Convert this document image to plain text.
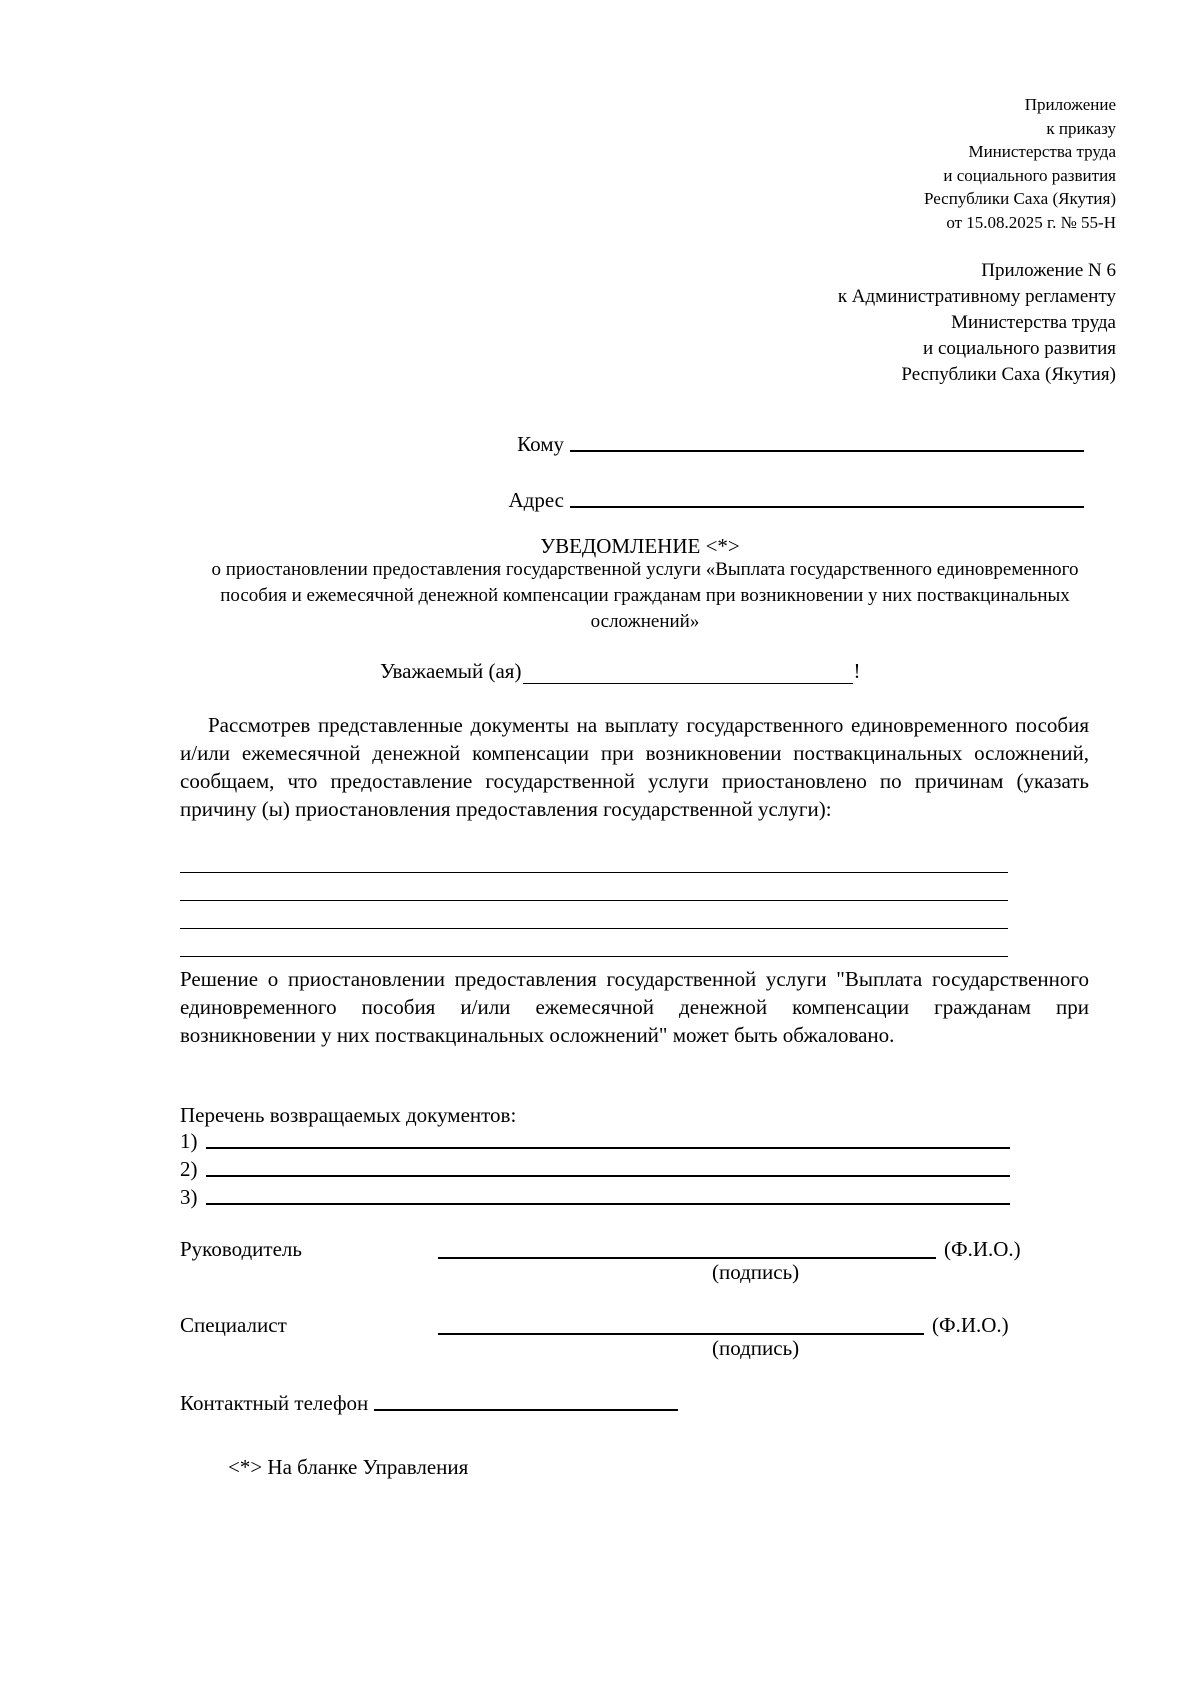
Приложение
к приказу
Министерства труда
и социального развития
Республики Саха (Якутия)
от 15.08.2025 г. № 55-Н
Приложение N 6
к Административному регламенту
Министерства труда
и социального развития
Республики Саха (Якутия)
Кому
Адрес
УВЕДОМЛЕНИЕ <*>
о приостановлении предоставления государственной услуги «Выплата государственного единовременного пособия и ежемесячной денежной компенсации гражданам при возникновении у них поствакцинальных осложнений»
Уважаемый (ая)	!
Рассмотрев представленные документы на выплату государственного единовременного пособия и/или ежемесячной денежной компенсации при возникновении поствакцинальных осложнений, сообщаем, что предоставление государственной услуги приостановлено по причинам (указать причину (ы) приостановления предоставления государственной услуги):
Решение о приостановлении предоставления государственной услуги "Выплата государственного единовременного пособия и/или ежемесячной денежной компенсации гражданам при возникновении у них поствакцинальных осложнений" может быть обжаловано.
Перечень возвращаемых документов:
1)
2)
3)
Руководитель	(Ф.И.О.)
(подпись)
Специалист	(Ф.И.О.)
(подпись)
Контактный телефон
<*> На бланке Управления
